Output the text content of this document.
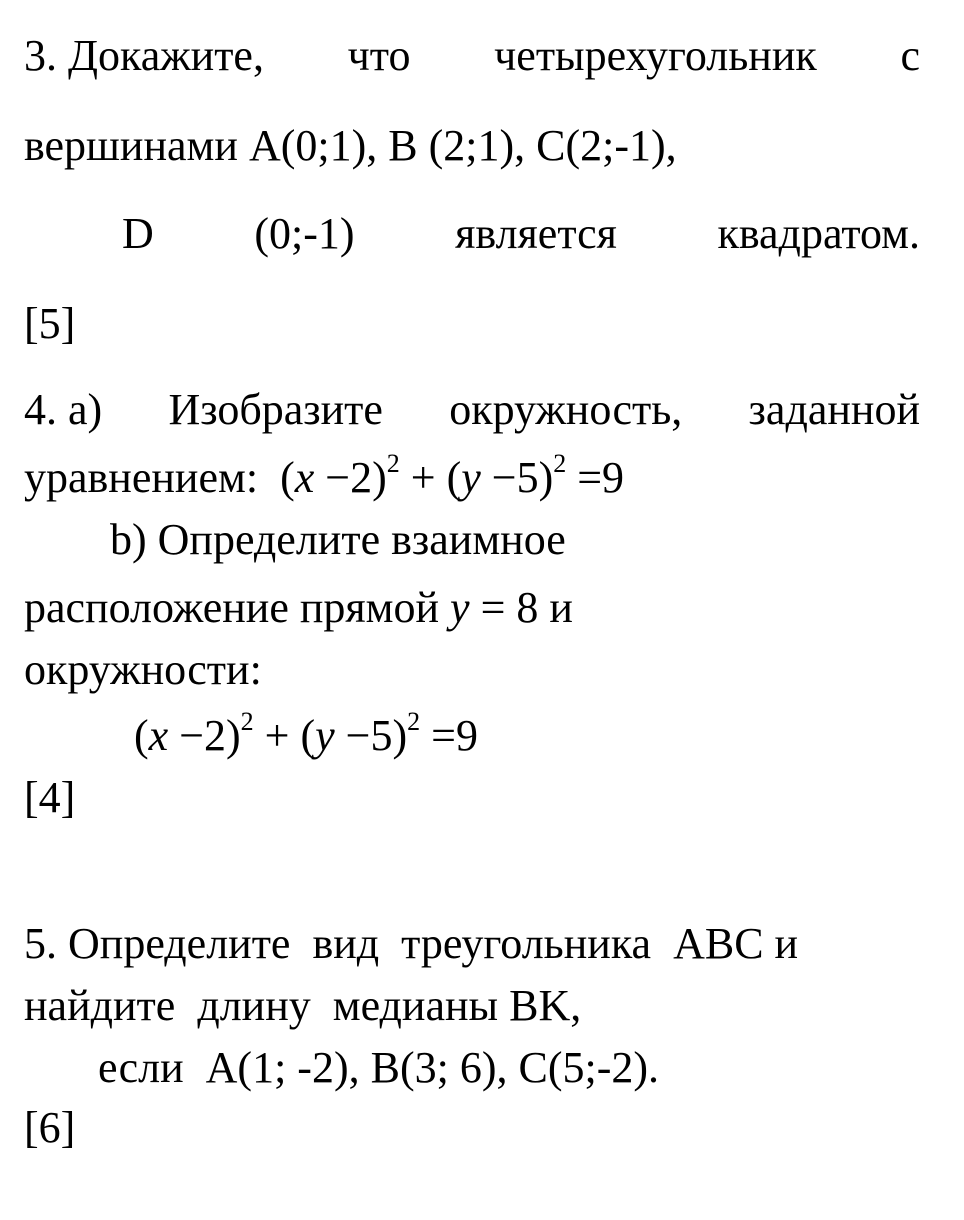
3. Докажите, что четырехугольник с
вершинами A(0;1), B (2;1), C(2;-1),
D (0;-1) является квадратом.
[5]
4. a) Изобразите окружность, заданной
уравнением: $(x -2)^2 + (y -5)^2 =9$
b) Определите взаимное
расположение прямой y = 8 и
окружности:
$(x -2)^2 + (y -5)^2 =9$
[4]
5. Определите  вид  треугольника  ABC и
найдите  длину  медианы BK,
если  A(1; -2), B(3; 6), C(5;-2).
[6]
